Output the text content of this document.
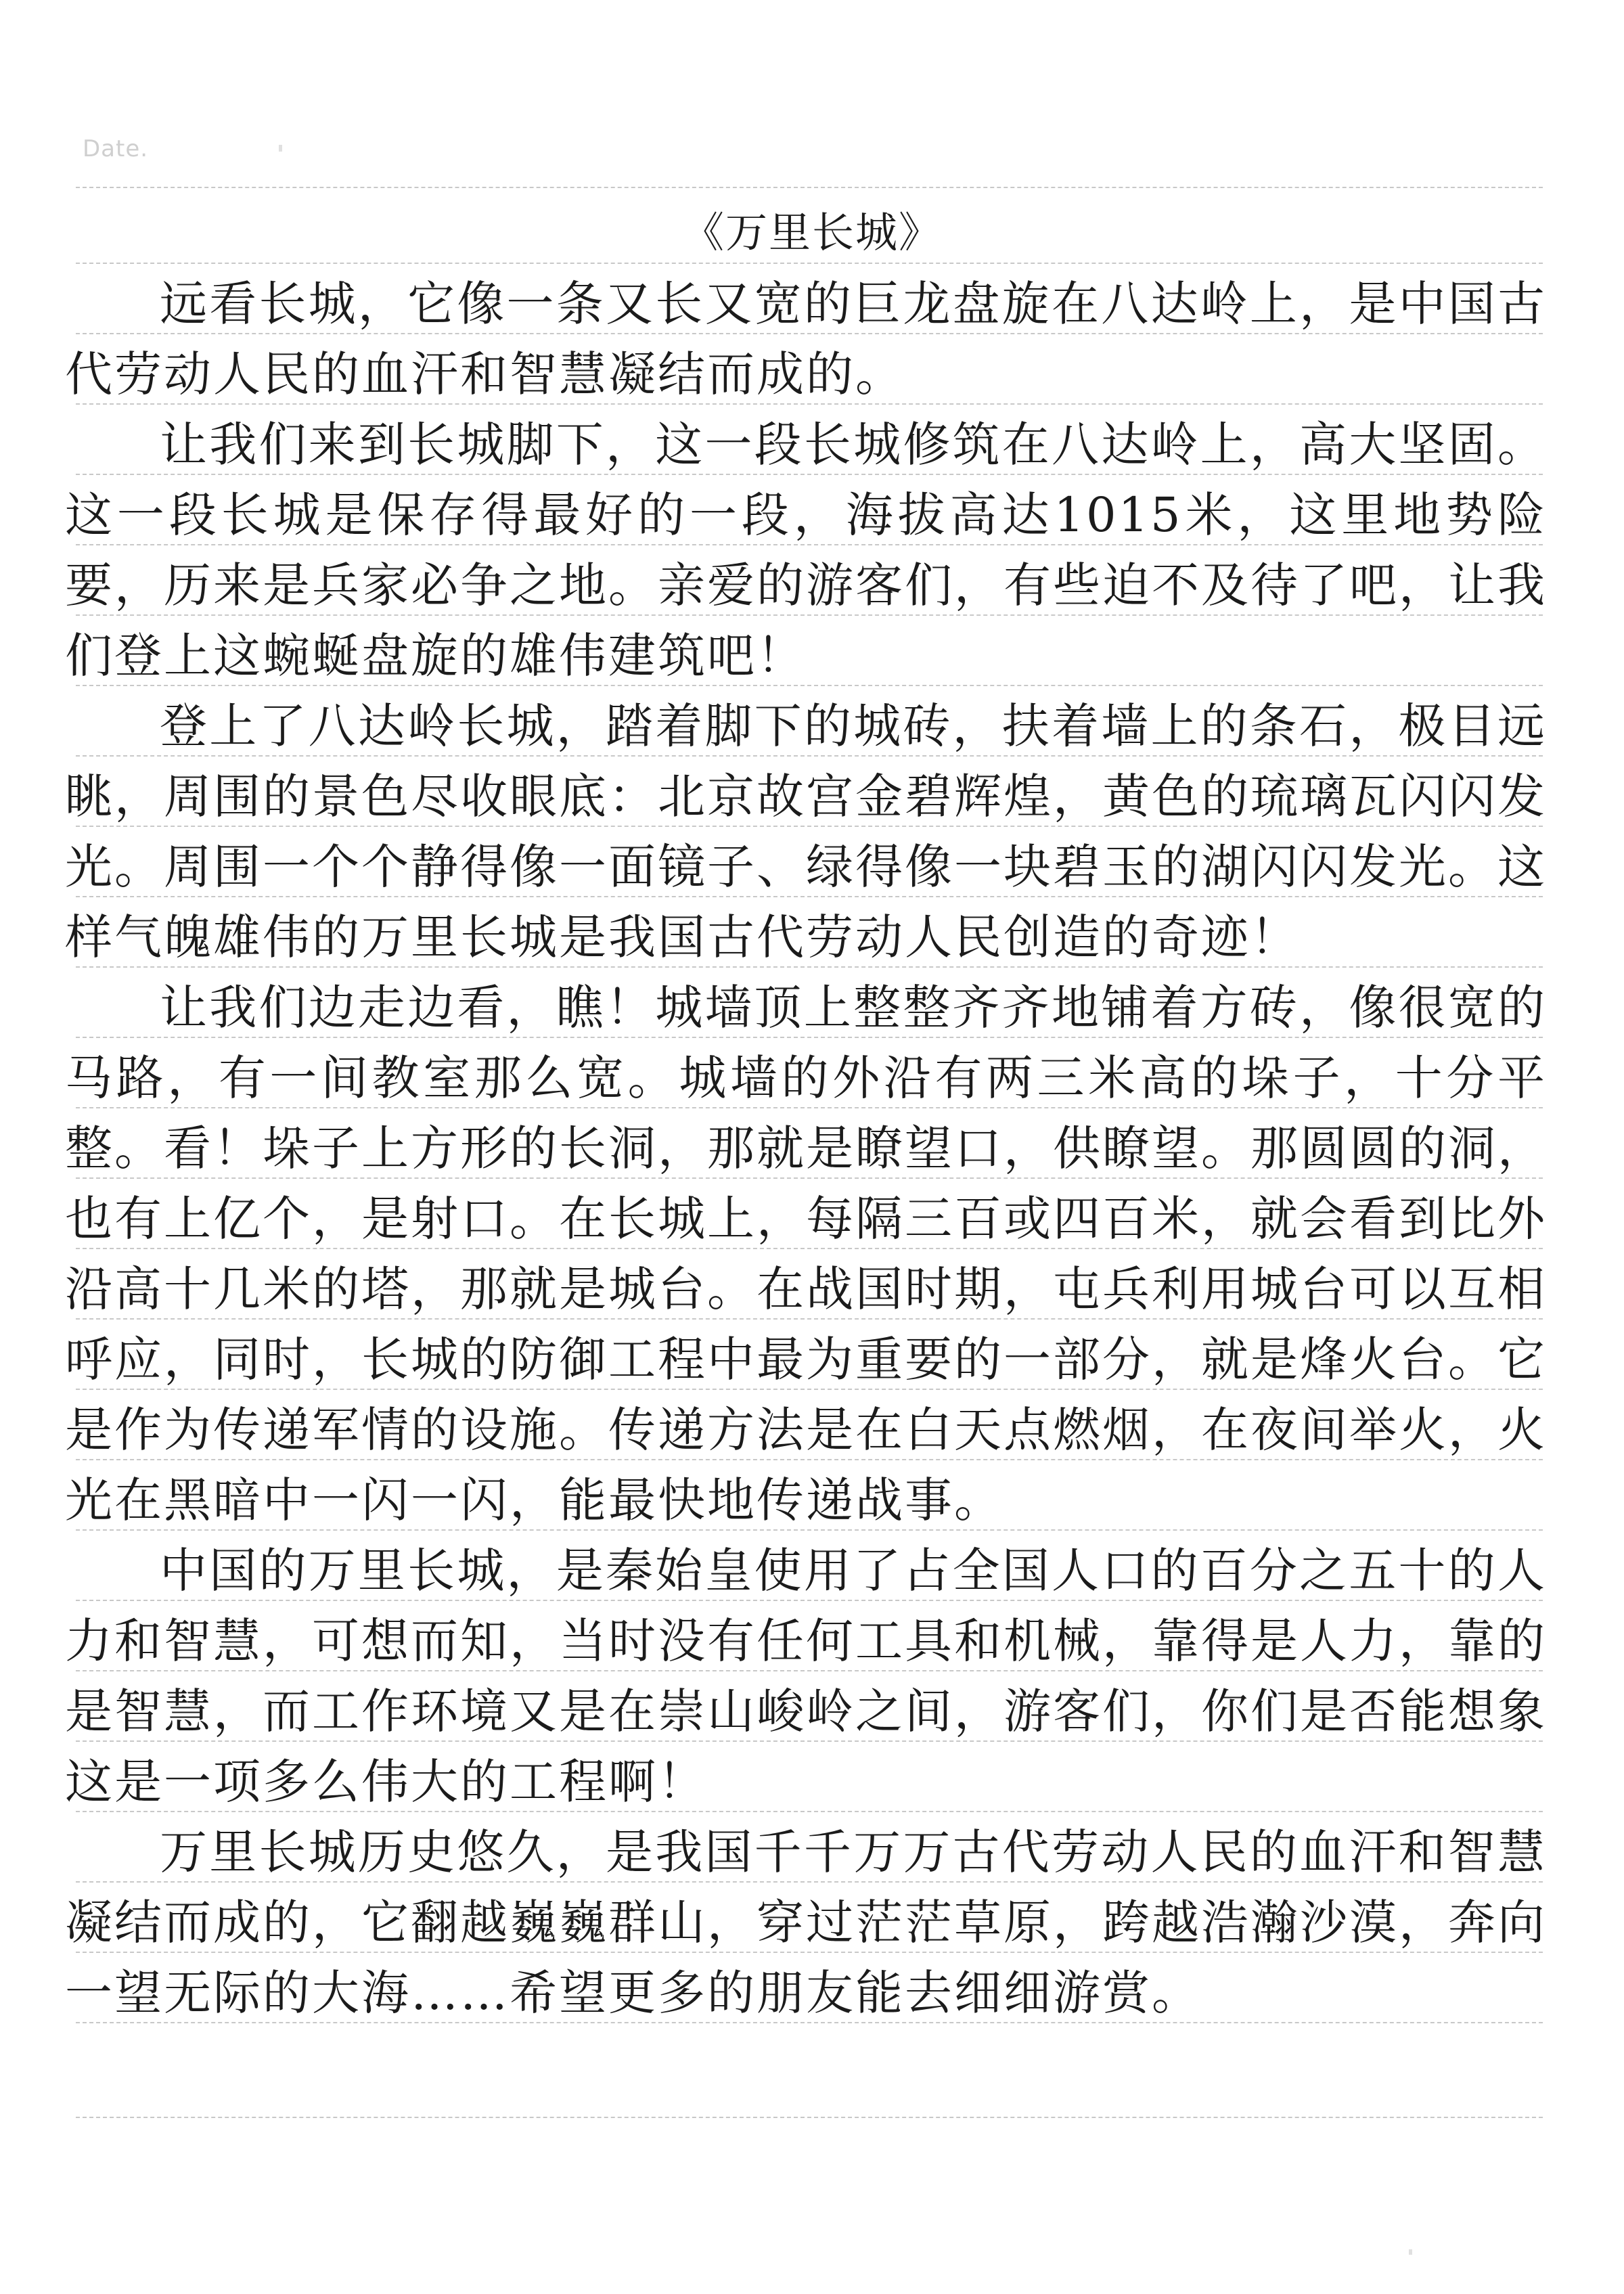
Date.
《万里长城》

远看长城，它像一条又长又宽的巨龙盘旋在八达岭上，是中国古代劳动人民的血汗和智慧凝结而成的。

让我们来到长城脚下，这一段长城修筑在八达岭上，高大坚固。这一段长城是保存得最好的一段，海拔高达1015米，这里地势险要，历来是兵家必争之地。亲爱的游客们，有些迫不及待了吧，让我们登上这蜿蜒盘旋的雄伟建筑吧！

登上了八达岭长城，踏着脚下的城砖，扶着墙上的条石，极目远眺，周围的景色尽收眼底：北京故宫金碧辉煌，黄色的琉璃瓦闪闪发光。周围一个个静得像一面镜子、绿得像一块碧玉的湖闪闪发光。这样气魄雄伟的万里长城是我国古代劳动人民创造的奇迹！

让我们边走边看，瞧！城墙顶上整整齐齐地铺着方砖，像很宽的马路，有一间教室那么宽。城墙的外沿有两三米高的垛子，十分平整。看！垛子上方形的长洞，那就是瞭望口，供瞭望。那圆圆的洞，也有上亿个，是射口。在长城上，每隔三百或四百米，就会看到比外沿高十几米的塔，那就是城台。在战国时期，屯兵利用城台可以互相呼应，同时，长城的防御工程中最为重要的一部分，就是烽火台。它是作为传递军情的设施。传递方法是在白天点燃烟，在夜间举火，火光在黑暗中一闪一闪，能最快地传递战事。

中国的万里长城，是秦始皇使用了占全国人口的百分之五十的人力和智慧，可想而知，当时没有任何工具和机械，靠得是人力，靠的是智慧，而工作环境又是在崇山峻岭之间，游客们，你们是否能想象这是一项多么伟大的工程啊！

万里长城历史悠久，是我国千千万万古代劳动人民的血汗和智慧凝结而成的，它翻越巍巍群山，穿过茫茫草原，跨越浩瀚沙漠，奔向一望无际的大海……希望更多的朋友能去细细游赏。
